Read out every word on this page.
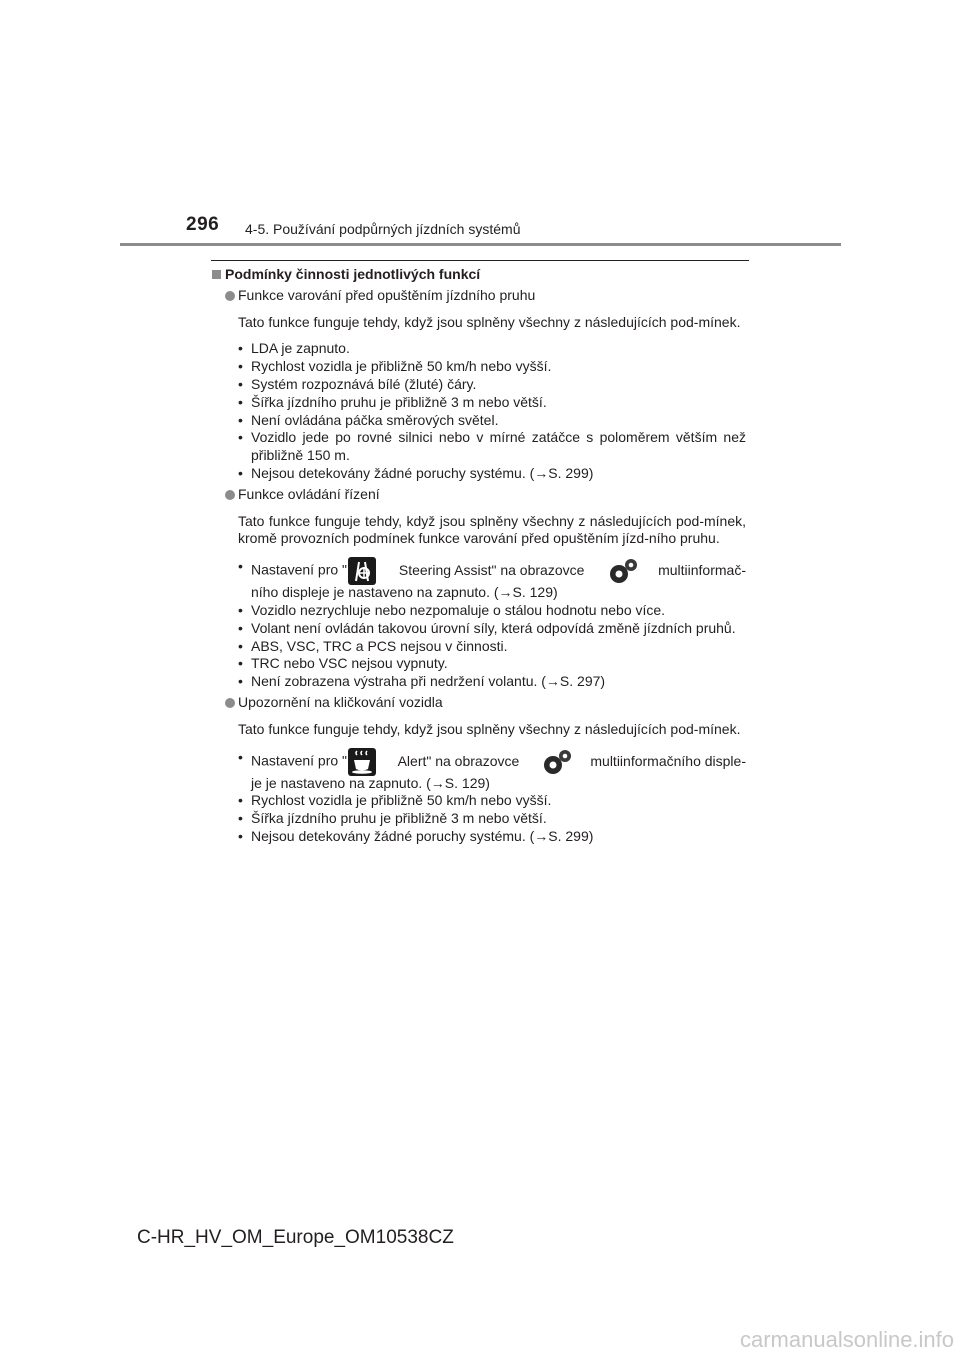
296 4-5. Používání podpůrných jízdních systémů

Podmínky činnosti jednotlivých funkcí

Funkce varování před opuštěním jízdního pruhu

Tato funkce funguje tehdy, když jsou splněny všechny z následujících pod-mínek.

• LDA je zapnuto.
• Rychlost vozidla je přibližně 50 km/h nebo vyšší.
• Systém rozpoznává bílé (žluté) čáry.
• Šířka jízdního pruhu je přibližně 3 m nebo větší.
• Není ovládána páčka směrových světel.
• Vozidlo jede po rovné silnici nebo v mírné zatáčce s poloměrem větším než přibližně 150 m.
• Nejsou detekovány žádné poruchy systému. (→S. 299)

Funkce ovládání řízení

Tato funkce funguje tehdy, když jsou splněny všechny z následujících pod-mínek, kromě provozních podmínek funkce varování před opuštěním jízd-ního pruhu.

• Nastavení pro "	Steering Assist" na obrazovce	multiinformač-
ního displeje je nastaveno na zapnuto. (→S. 129)
• Vozidlo nezrychluje nebo nezpomaluje o stálou hodnotu nebo více.
• Volant není ovládán takovou úrovní síly, která odpovídá změně jízdních pruhů.
• ABS, VSC, TRC a PCS nejsou v činnosti.
• TRC nebo VSC nejsou vypnuty.
• Není zobrazena výstraha při nedržení volantu. (→S. 297)

Upozornění na kličkování vozidla

Tato funkce funguje tehdy, když jsou splněny všechny z následujících pod-mínek.

• Nastavení pro "	Alert" na obrazovce	multiinformačního disple-
je je nastaveno na zapnuto. (→S. 129)
• Rychlost vozidla je přibližně 50 km/h nebo vyšší.
• Šířka jízdního pruhu je přibližně 3 m nebo větší.
• Nejsou detekovány žádné poruchy systému. (→S. 299)
C-HR_HV_OM_Europe_OM10538CZ
carmanualsonline.info
